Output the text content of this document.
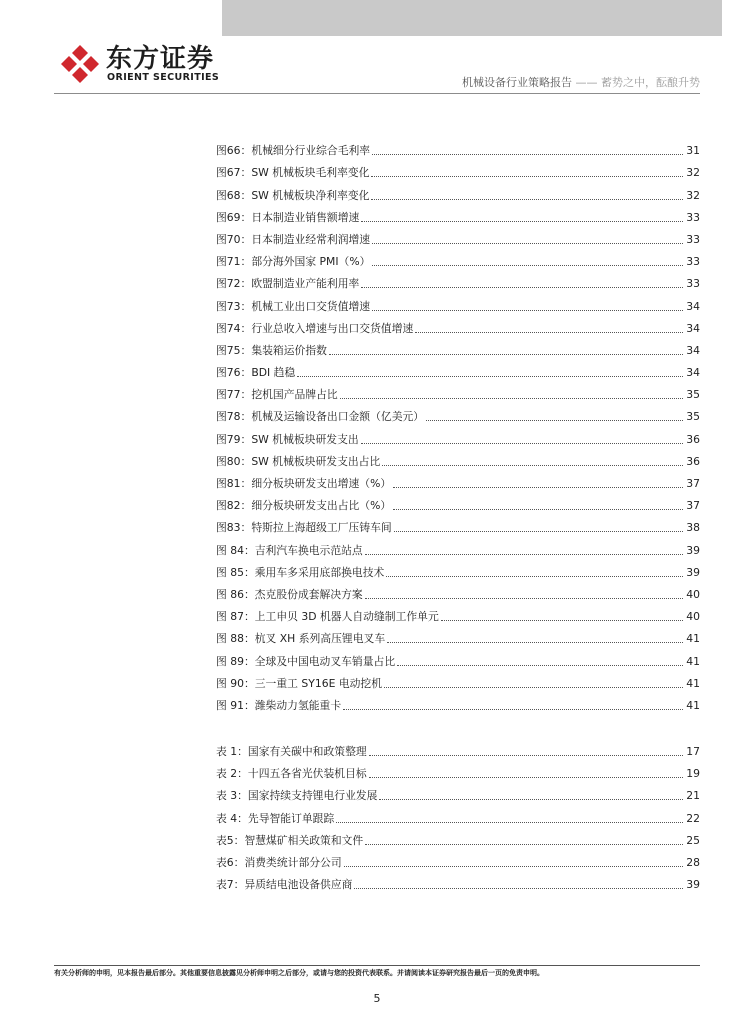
东方证券
ORIENT SECURITIES	机械设备行业策略报告 —— 蓄势之中，酝酿升势
图66：机械细分行业综合毛利率	31
图67：SW 机械板块毛利率变化	32
图68：SW 机械板块净利率变化	32
图69：日本制造业销售额增速	33
图70：日本制造业经常利润增速	33
图71：部分海外国家 PMI（%）	33
图72：欧盟制造业产能利用率	33
图73：机械工业出口交货值增速	34
图74：行业总收入增速与出口交货值增速	34
图75：集装箱运价指数	34
图76：BDI 趋稳	34
图77：挖机国产品牌占比	35
图78：机械及运输设备出口金额（亿美元）	35
图79：SW 机械板块研发支出	36
图80：SW 机械板块研发支出占比	36
图81：细分板块研发支出增速（%）	37
图82：细分板块研发支出占比（%）	37
图83：特斯拉上海超级工厂压铸车间	38
图 84：吉利汽车换电示范站点	39
图 85：乘用车多采用底部换电技术	39
图 86：杰克股份成套解决方案	40
图 87：上工申贝 3D 机器人自动缝制工作单元	40
图 88：杭叉 XH 系列高压锂电叉车	41
图 89：全球及中国电动叉车销量占比	41
图 90：三一重工 SY16E 电动挖机	41
图 91：潍柴动力氢能重卡	41
表 1：国家有关碳中和政策整理	17
表 2：十四五各省光伏装机目标	19
表 3：国家持续支持锂电行业发展	21
表 4：先导智能订单跟踪	22
表5：智慧煤矿相关政策和文件	25
表6：消费类统计部分公司	28
表7：异质结电池设备供应商	39
有关分析师的申明，见本报告最后部分。其他重要信息披露见分析师申明之后部分，或请与您的投资代表联系。并请阅读本证券研究报告最后一页的免责申明。
5
